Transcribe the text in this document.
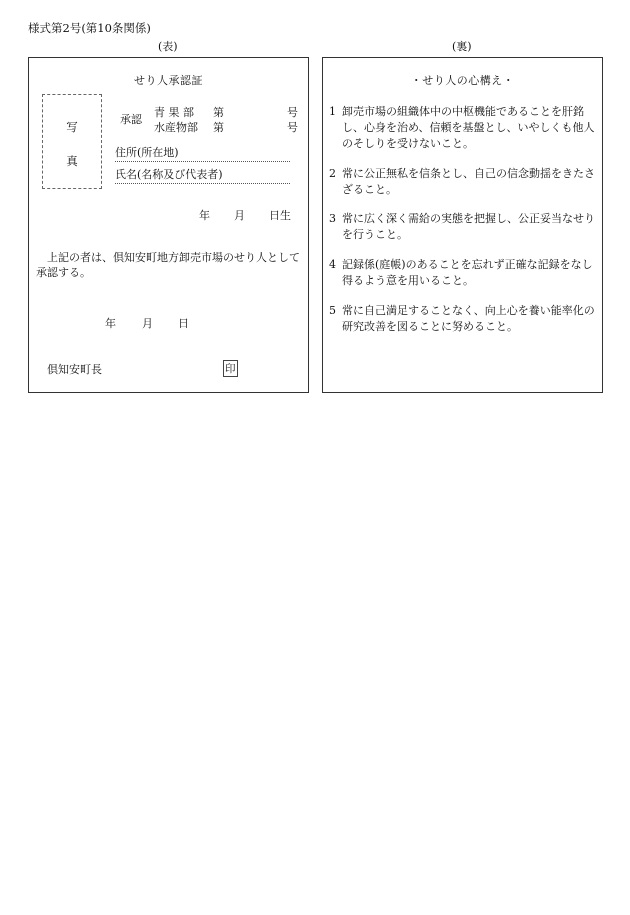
様式第2号(第10条関係)
(表)	(裏)
せり人承認証
写
真
承認
青 果 部 第	号
水産物部 第	号
住所(所在地)
氏名(名称及び代表者)
年 月 日生
上記の者は、倶知安町地方卸売市場のせり人として承認する。
年 月 日
倶知安町長	印
・せり人の心構え・
1 卸売市場の組織体中の中枢機能であることを肝銘し、心身を治め、信頼を基盤とし、いやしくも他人のそしりを受けないこと。
2 常に公正無私を信条とし、自己の信念動揺をきたさざること。
3 常に広く深く需給の実態を把握し、公正妥当なせりを行うこと。
4 記録係(庭帳)のあることを忘れず正確な記録をなし得るよう意を用いること。
5 常に自己満足することなく、向上心を養い能率化の研究改善を図ることに努めること。
